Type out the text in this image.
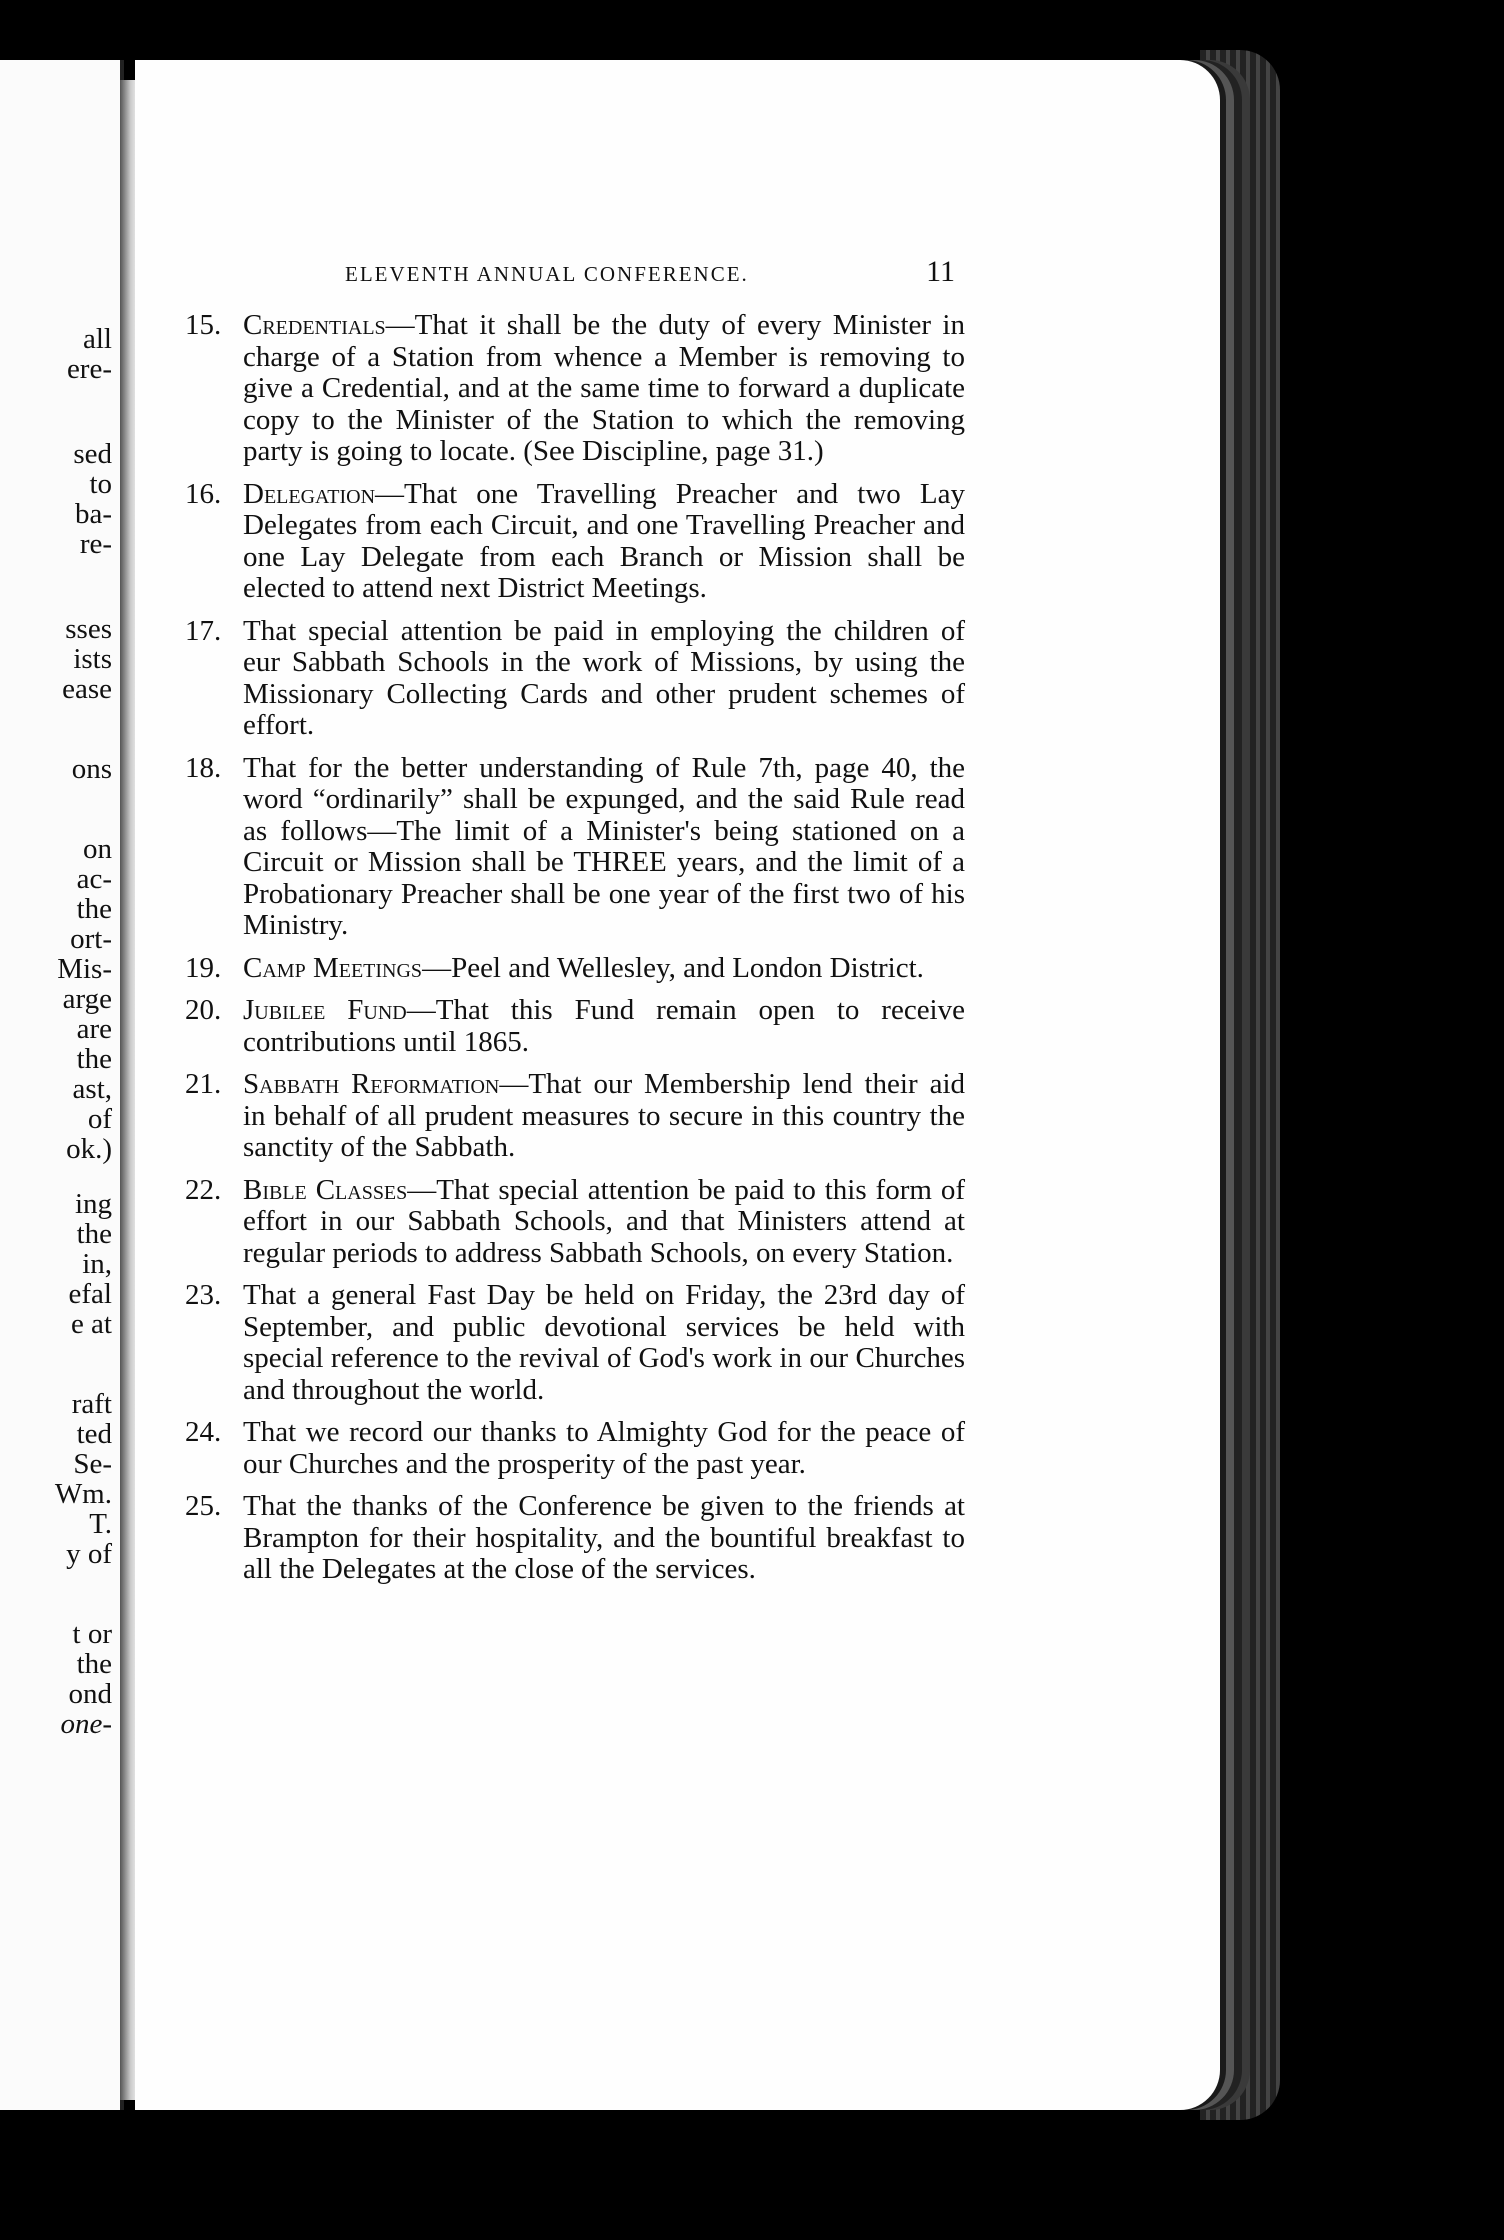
all
ere-
sed
to
ba-
re-
sses
ists
ease
ons
on
ac-
the
ort-
Mis-
arge
are
the
ast,
of
ok.)
ing
the
in,
efal
e at
raft
ted
Se-
Wm.
T.
y of
t or
the
ond
one-
ELEVENTH ANNUAL CONFERENCE.	11
15. Credentials—That it shall be the duty of every Minister in charge of a Station from whence a Member is removing to give a Credential, and at the same time to forward a duplicate copy to the Minister of the Station to which the removing party is going to locate. (See Discipline, page 31.)
16. Delegation—That one Travelling Preacher and two Lay Delegates from each Circuit, and one Travelling Preacher and one Lay Delegate from each Branch or Mission shall be elected to attend next District Meetings.
17. That special attention be paid in employing the children of eur Sabbath Schools in the work of Missions, by using the Missionary Collecting Cards and other prudent schemes of effort.
18. That for the better understanding of Rule 7th, page 40, the word “ordinarily” shall be expunged, and the said Rule read as follows—The limit of a Minister's being stationed on a Circuit or Mission shall be THREE years, and the limit of a Probationary Preacher shall be one year of the first two of his Ministry.
19. Camp Meetings—Peel and Wellesley, and London District.
20. Jubilee Fund—That this Fund remain open to receive contributions until 1865.
21. Sabbath Reformation—That our Membership lend their aid in behalf of all prudent measures to secure in this country the sanctity of the Sabbath.
22. Bible Classes—That special attention be paid to this form of effort in our Sabbath Schools, and that Ministers attend at regular periods to address Sabbath Schools, on every Station.
23. That a general Fast Day be held on Friday, the 23rd day of September, and public devotional services be held with special reference to the revival of God's work in our Churches and throughout the world.
24. That we record our thanks to Almighty God for the peace of our Churches and the prosperity of the past year.
25. That the thanks of the Conference be given to the friends at Brampton for their hospitality, and the bountiful breakfast to all the Delegates at the close of the services.
